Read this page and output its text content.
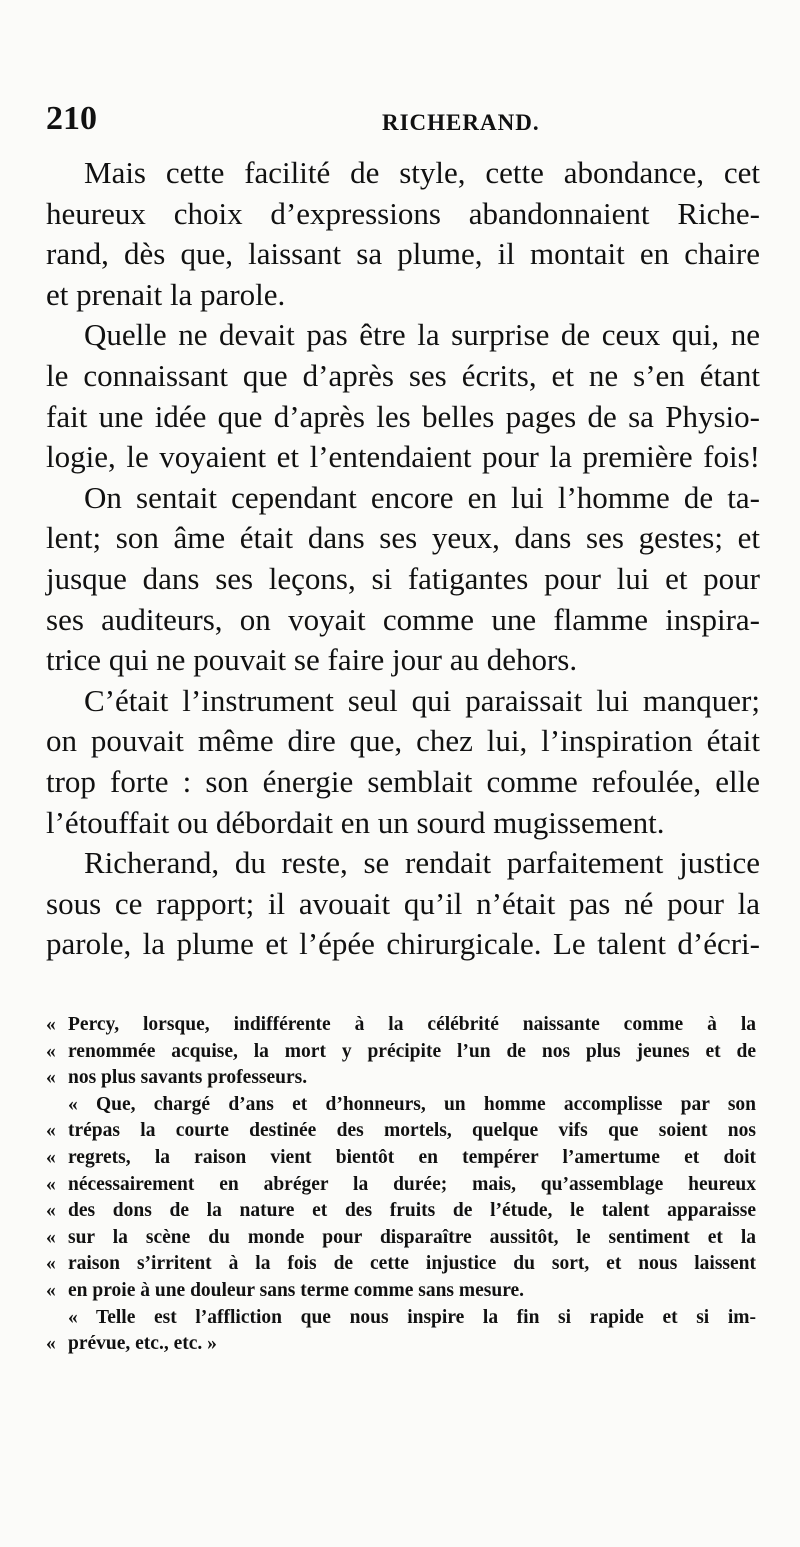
210	RICHERAND.
Mais cette facilité de style, cette abondance, cet
heureux choix d’expressions abandonnaient Riche-
rand, dès que, laissant sa plume, il montait en chaire
et prenait la parole.
Quelle ne devait pas être la surprise de ceux qui, ne
le connaissant que d’après ses écrits, et ne s’en étant
fait une idée que d’après les belles pages de sa Physio-
logie, le voyaient et l’entendaient pour la première fois!
On sentait cependant encore en lui l’homme de ta-
lent; son âme était dans ses yeux, dans ses gestes; et
jusque dans ses leçons, si fatigantes pour lui et pour
ses auditeurs, on voyait comme une flamme inspira-
trice qui ne pouvait se faire jour au dehors.
C’était l’instrument seul qui paraissait lui manquer;
on pouvait même dire que, chez lui, l’inspiration était
trop forte : son énergie semblait comme refoulée, elle
l’étouffait ou débordait en un sourd mugissement.
Richerand, du reste, se rendait parfaitement justice
sous ce rapport; il avouait qu’il n’était pas né pour la
parole, la plume et l’épée chirurgicale. Le talent d’écri-
« Percy, lorsque, indifférente à la célébrité naissante comme à la
« renommée acquise, la mort y précipite l’un de nos plus jeunes et de
« nos plus savants professeurs.
« Que, chargé d’ans et d’honneurs, un homme accomplisse par son
« trépas la courte destinée des mortels, quelque vifs que soient nos
« regrets, la raison vient bientôt en tempérer l’amertume et doit
« nécessairement en abréger la durée; mais, qu’assemblage heureux
« des dons de la nature et des fruits de l’étude, le talent apparaisse
« sur la scène du monde pour disparaître aussitôt, le sentiment et la
« raison s’irritent à la fois de cette injustice du sort, et nous laissent
« en proie à une douleur sans terme comme sans mesure.
« Telle est l’affliction que nous inspire la fin si rapide et si im-
« prévue, etc., etc. »
